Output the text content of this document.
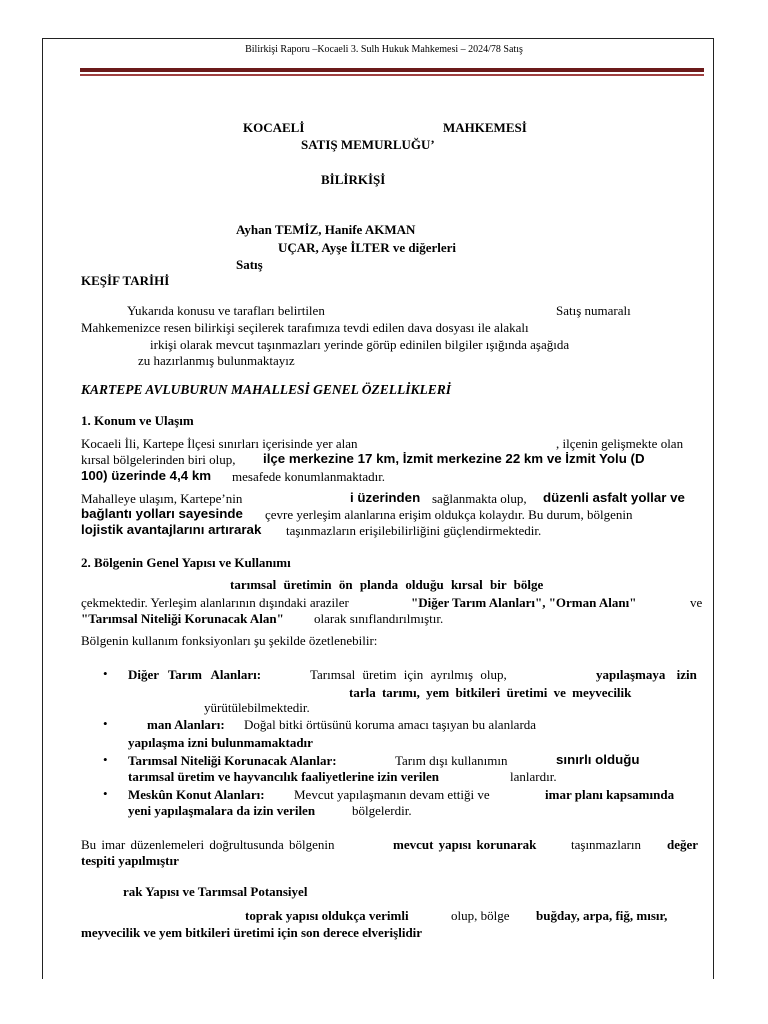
Bilirkişi Raporu –Kocaeli 3. Sulh Hukuk Mahkemesi – 2024/78 Satış
KOCAELİ	MAHKEMESİ
SATIŞ MEMURLUĞU’
BİLİRKİŞİ
Ayhan TEMİZ, Hanife AKMAN
UÇAR, Ayşe İLTER ve diğerleri
Satış
KEŞİF TARİHİ
Yukarıda konusu ve tarafları belirtilen	Satış numaralı
Mahkemenizce resen bilirkişi seçilerek tarafımıza tevdi edilen dava dosyası ile alakalı
irkişi olarak mevcut taşınmazları yerinde görüp edinilen bilgiler ışığında aşağıda
zu hazırlanmış bulunmaktayız
KARTEPE AVLUBURUN MAHALLESİ GENEL ÖZELLİKLERİ
1. Konum ve Ulaşım
Kocaeli İli, Kartepe İlçesi sınırları içerisinde yer alan	, ilçenin gelişmekte olan
kırsal bölgelerinden biri olup, ilçe merkezine 17 km, İzmit merkezine 22 km ve İzmit Yolu (D
100) üzerinde 4,4 km mesafede konumlanmaktadır.
Mahalleye ulaşım, Kartepe’nin	i üzerinden sağlanmakta olup, düzenli asfalt yollar ve
bağlantı yolları sayesinde çevre yerleşim alanlarına erişim oldukça kolaydır. Bu durum, bölgenin
lojistik avantajlarını artırarak taşınmazların erişilebilirliğini güçlendirmektedir.
2. Bölgenin Genel Yapısı ve Kullanımı
tarımsal üretimin ön planda olduğu kırsal bir bölge
çekmektedir. Yerleşim alanlarının dışındaki araziler	"Diğer Tarım Alanları", "Orman Alanı"	ve
"Tarımsal Niteliği Korunacak Alan" olarak sınıflandırılmıştır.
Bölgenin kullanım fonksiyonları şu şekilde özetlenebilir:
• Diğer Tarım Alanları:	Tarımsal üretim için ayrılmış olup,	yapılaşmaya izin
tarla tarımı, yem bitkileri üretimi ve meyvecilik
yürütülebilmektedir.
•	man Alanları: Doğal bitki örtüsünü koruma amacı taşıyan bu alanlarda
yapılaşma izni bulunmamaktadır
• Tarımsal Niteliği Korunacak Alanlar:	Tarım dışı kullanımın	sınırlı olduğu
tarımsal üretim ve hayvancılık faaliyetlerine izin verilen	lanlardır.
• Meskûn Konut Alanları: Mevcut yapılaşmanın devam ettiği ve	imar planı kapsamında
yeni yapılaşmalara da izin verilen	bölgelerdir.
Bu imar düzenlemeleri doğrultusunda bölgenin	mevcut yapısı korunarak	taşınmazların değer
tespiti yapılmıştır
rak Yapısı ve Tarımsal Potansiyel
toprak yapısı oldukça verimli	olup, bölge buğday, arpa, fiğ, mısır,
meyvecilik ve yem bitkileri üretimi için son derece elverişlidir
